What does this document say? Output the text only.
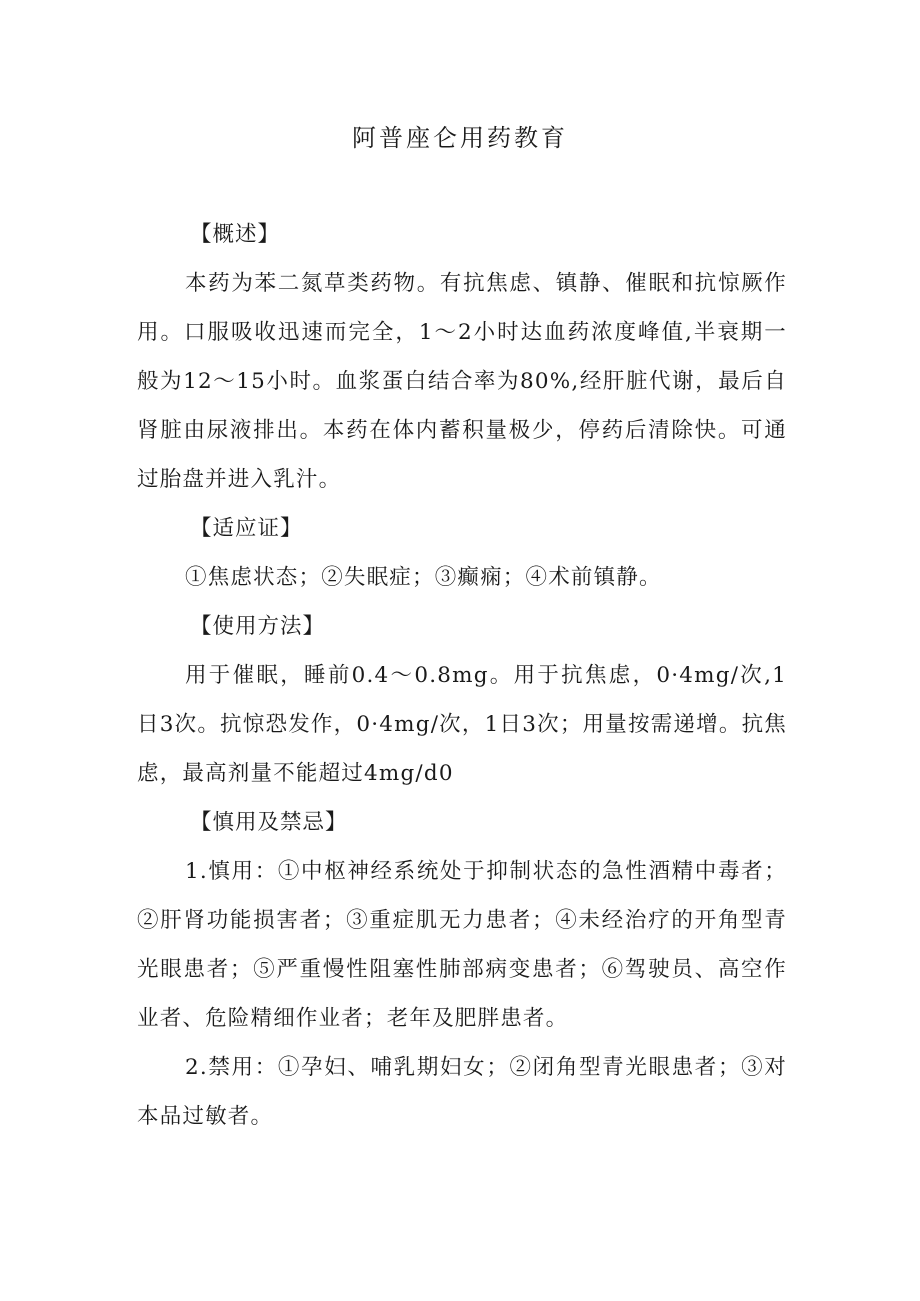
阿普座仑用药教育

【概述】

本药为苯二氮草类药物。有抗焦虑、镇静、催眠和抗惊厥作用。口服吸收迅速而完全，1～2小时达血药浓度峰值,半衰期一般为12～15小时。血浆蛋白结合率为80%,经肝脏代谢，最后自肾脏由尿液排出。本药在体内蓄积量极少，停药后清除快。可通过胎盘并进入乳汁。

【适应证】

①焦虑状态；②失眠症；③癫痫；④术前镇静。

【使用方法】

用于催眠，睡前0.4～0.8mg。用于抗焦虑，0·4mg∕次,1日3次。抗惊恐发作，0·4mg∕次，1日3次；用量按需递增。抗焦虑，最高剂量不能超过4mg∕d0

【慎用及禁忌】

1.慎用：①中枢神经系统处于抑制状态的急性酒精中毒者；②肝肾功能损害者；③重症肌无力患者；④未经治疗的开角型青光眼患者；⑤严重慢性阻塞性肺部病变患者；⑥驾驶员、高空作业者、危险精细作业者；老年及肥胖患者。

2.禁用：①孕妇、哺乳期妇女；②闭角型青光眼患者；③对本品过敏者。
